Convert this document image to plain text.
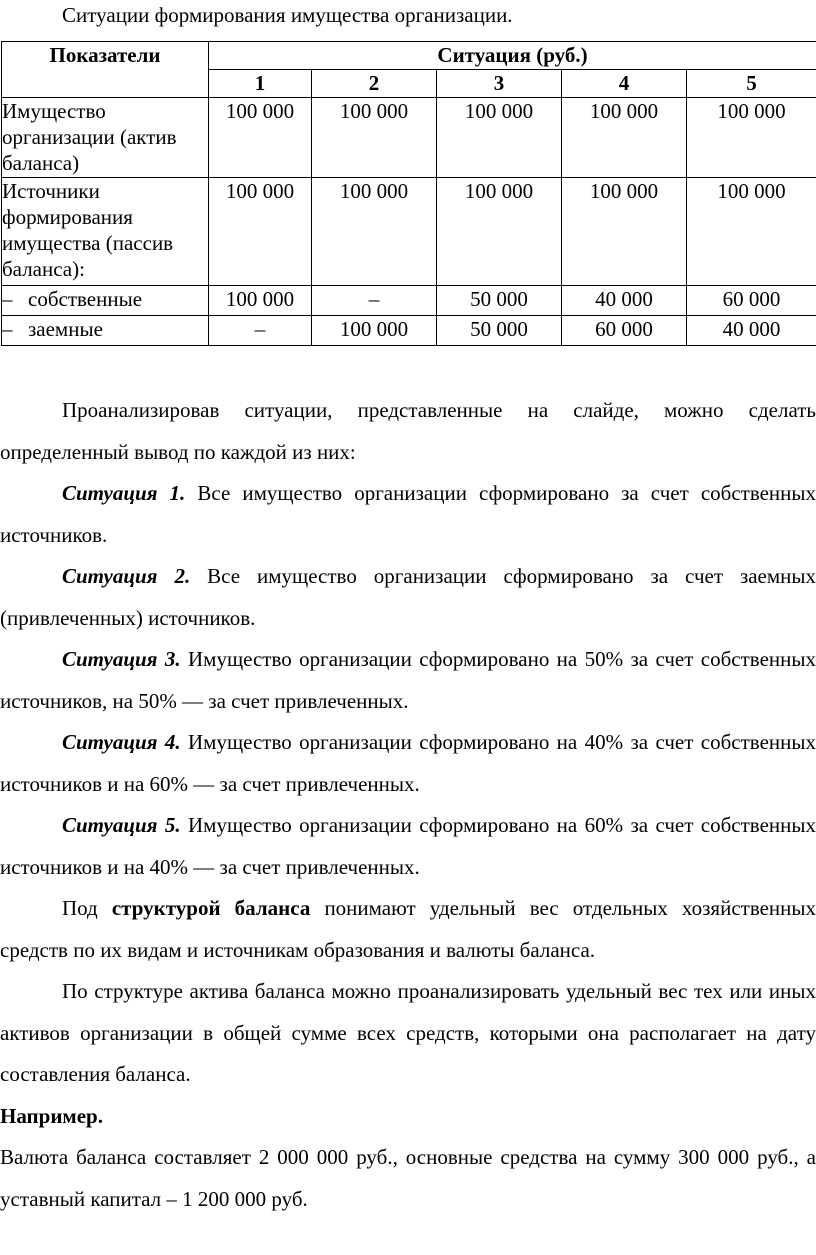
Ситуации формирования имущества организации.
Показатели	Ситуация (руб.)				
	1	2	3	4	5
Имущество организации (актив баланса)	100 000	100 000	100 000	100 000	100 000
Источники формирования имущества (пассив баланса):	100 000	100 000	100 000	100 000	100 000
– собственные	100 000	–	50 000	40 000	60 000
– заемные	–	100 000	50 000	60 000	40 000

Проанализировав ситуации, представленные на слайде, можно сделать определенный вывод по каждой из них:

Ситуация 1. Все имущество организации сформировано за счет собственных источников.

Ситуация 2. Все имущество организации сформировано за счет заемных (привлеченных) источников.

Ситуация 3. Имущество организации сформировано на 50% за счет собственных источников, на 50% — за счет привлеченных.

Ситуация 4. Имущество организации сформировано на 40% за счет собственных источников и на 60% — за счет привлеченных.

Ситуация 5. Имущество организации сформировано на 60% за счет собственных источников и на 40% — за счет привлеченных.

Под структурой баланса понимают удельный вес отдельных хозяйственных средств по их видам и источникам образования и валюты баланса.

По структуре актива баланса можно проанализировать удельный вес тех или иных активов организации в общей сумме всех средств, которыми она располагает на дату составления баланса.

Например.

Валюта баланса составляет 2 000 000 руб., основные средства на сумму 300 000 руб., а уставный капитал – 1 200 000 руб.
